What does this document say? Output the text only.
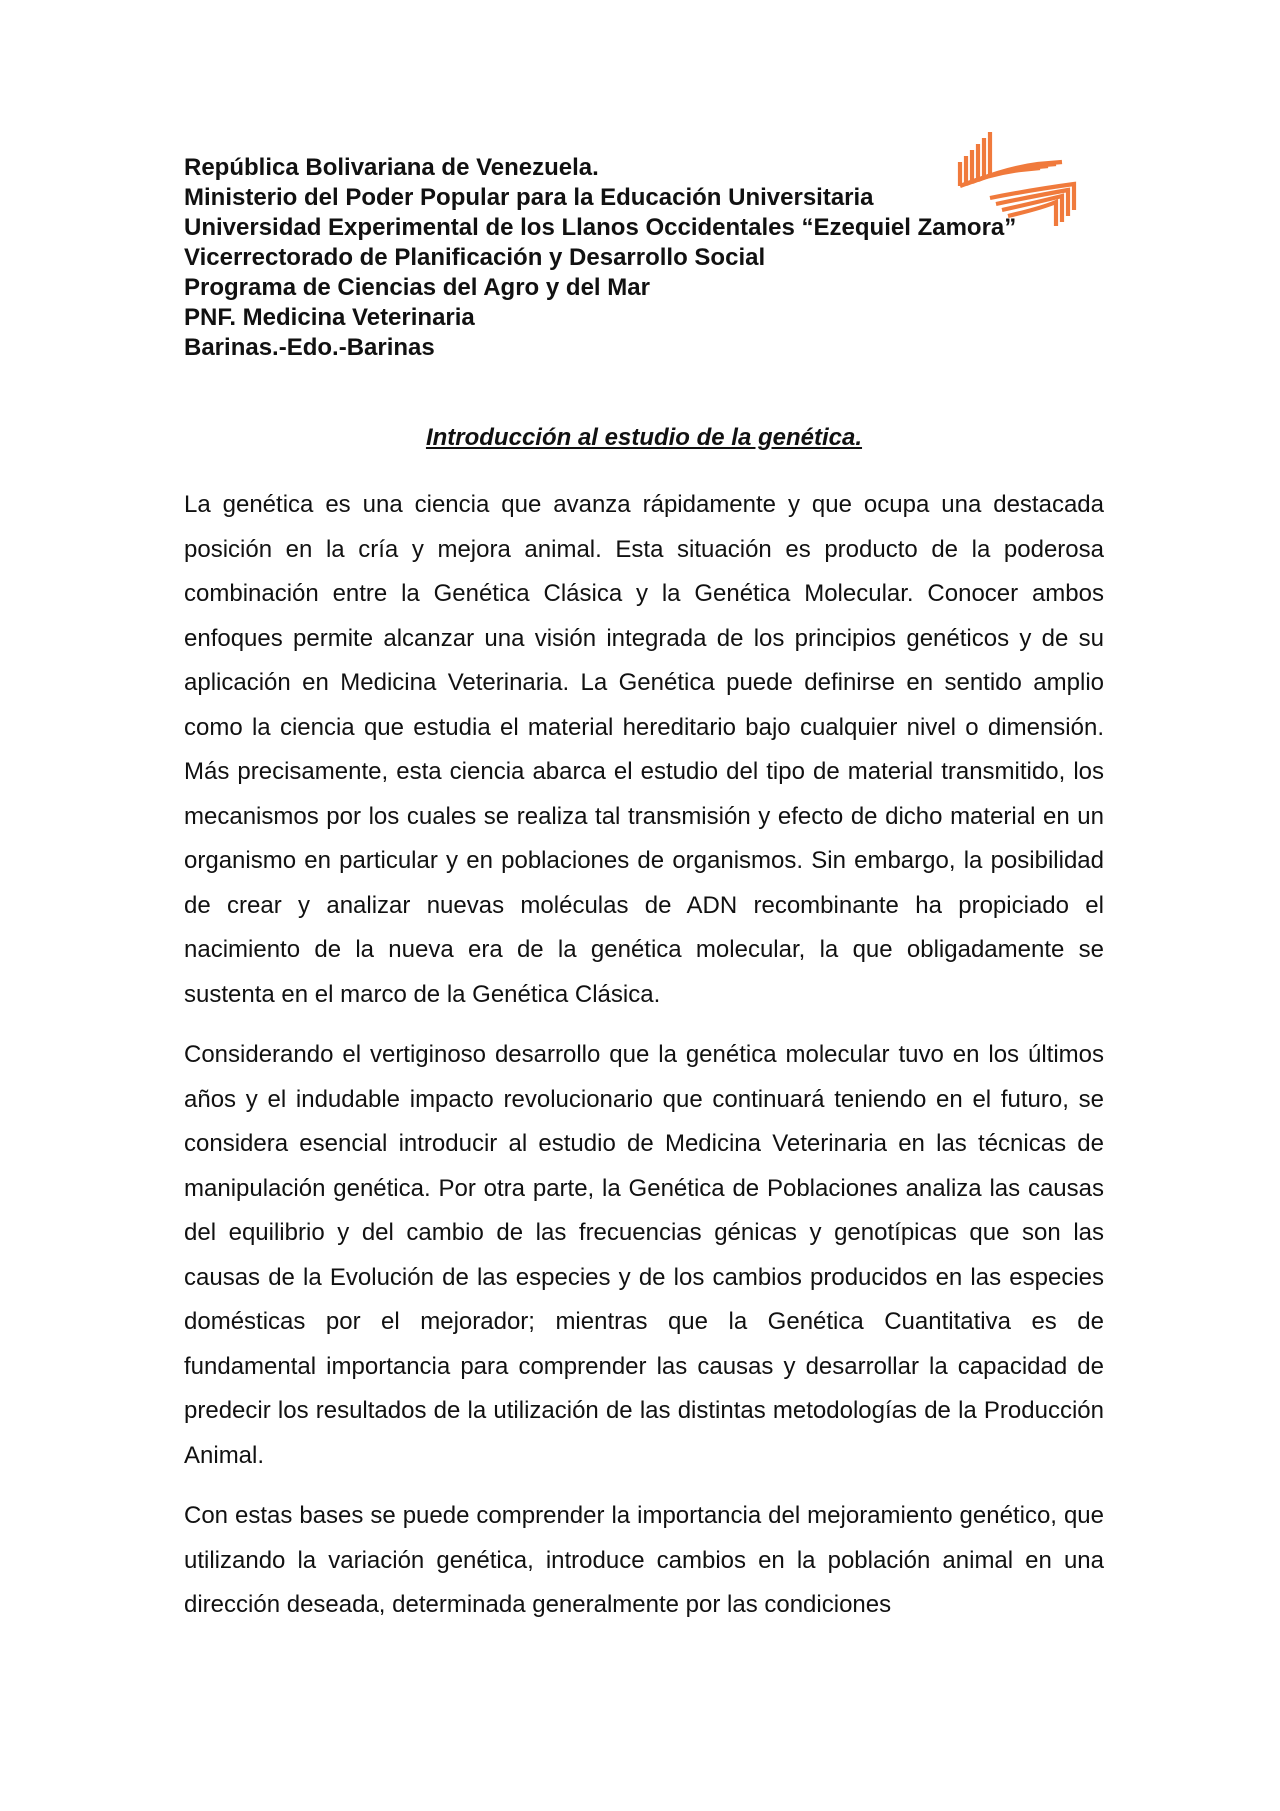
República Bolivariana de Venezuela.
Ministerio del Poder Popular para la Educación Universitaria
Universidad Experimental de los Llanos Occidentales “Ezequiel Zamora”
Vicerrectorado de Planificación y Desarrollo Social
Programa de Ciencias del Agro y del Mar
PNF. Medicina Veterinaria
Barinas.-Edo.-Barinas
Introducción al estudio de la genética.

La genética es una ciencia que avanza rápidamente y que ocupa una destacada posición en la cría y mejora animal. Esta situación es producto de la poderosa combinación entre la Genética Clásica y la Genética Molecular. Conocer ambos enfoques permite alcanzar una visión integrada de los principios genéticos y de su aplicación en Medicina Veterinaria. La Genética puede definirse en sentido amplio como la ciencia que estudia el material hereditario bajo cualquier nivel o dimensión. Más precisamente, esta ciencia abarca el estudio del tipo de material transmitido, los mecanismos por los cuales se realiza tal transmisión y efecto de dicho material en un organismo en particular y en poblaciones de organismos. Sin embargo, la posibilidad de crear y analizar nuevas moléculas de ADN recombinante ha propiciado el nacimiento de la nueva era de la genética molecular, la que obligadamente se sustenta en el marco de la Genética Clásica.

Considerando el vertiginoso desarrollo que la genética molecular tuvo en los últimos años y el indudable impacto revolucionario que continuará teniendo en el futuro, se considera esencial introducir al estudio de Medicina Veterinaria en las técnicas de manipulación genética. Por otra parte, la Genética de Poblaciones analiza las causas del equilibrio y del cambio de las frecuencias génicas y genotípicas que son las causas de la Evolución de las especies y de los cambios producidos en las especies domésticas por el mejorador; mientras que la Genética Cuantitativa es de fundamental importancia para comprender las causas y desarrollar la capacidad de predecir los resultados de la utilización de las distintas metodologías de la Producción Animal.

Con estas bases se puede comprender la importancia del mejoramiento genético, que utilizando la variación genética, introduce cambios en la población animal en una dirección deseada, determinada generalmente por las condiciones
